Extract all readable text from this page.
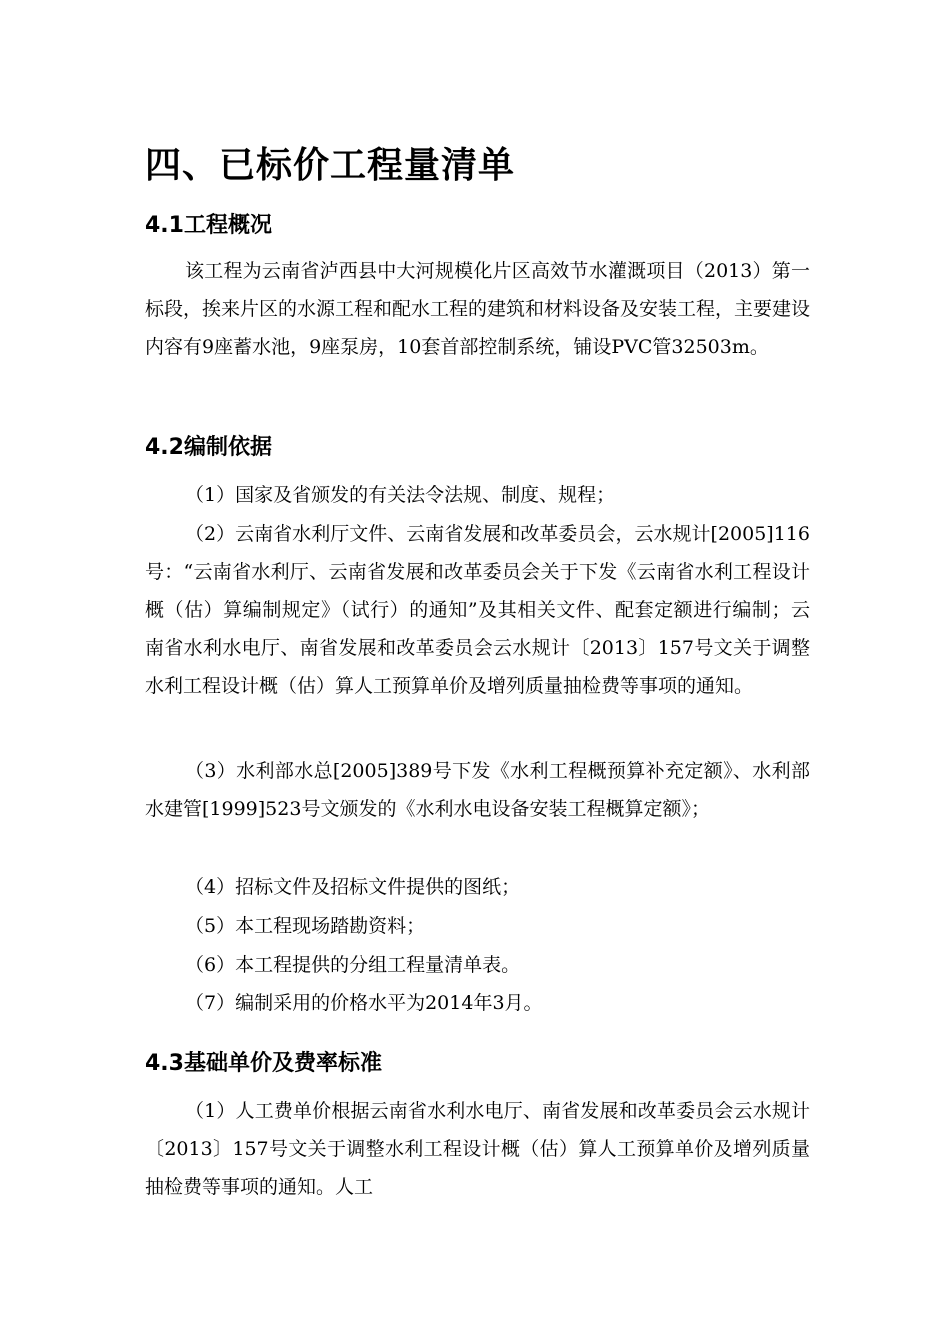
四、已标价工程量清单
4.1工程概况

该工程为云南省泸西县中大河规模化片区高效节水灌溉项目（2013）第一标段，挨来片区的水源工程和配水工程的建筑和材料设备及安装工程，主要建设内容有9座蓄水池，9座泵房，10套首部控制系统，铺设PVC管32503m。

4.2编制依据

（1）国家及省颁发的有关法令法规、制度、规程；

（2）云南省水利厅文件、云南省发展和改革委员会，云水规计[2005]116号：“云南省水利厅、云南省发展和改革委员会关于下发《云南省水利工程设计概（估）算编制规定》（试行）的通知”及其相关文件、配套定额进行编制；云南省水利水电厅、南省发展和改革委员会云水规计〔2013〕157号文关于调整水利工程设计概（估）算人工预算单价及增列质量抽检费等事项的通知。

（3）水利部水总[2005]389号下发《水利工程概预算补充定额》、水利部水建管[1999]523号文颁发的《水利水电设备安装工程概算定额》；

（4）招标文件及招标文件提供的图纸；

（5）本工程现场踏勘资料；

（6）本工程提供的分组工程量清单表。

（7）编制采用的价格水平为2014年3月。

4.3基础单价及费率标准

（1）人工费单价根据云南省水利水电厅、南省发展和改革委员会云水规计〔2013〕157号文关于调整水利工程设计概（估）算人工预算单价及增列质量抽检费等事项的通知。人工
